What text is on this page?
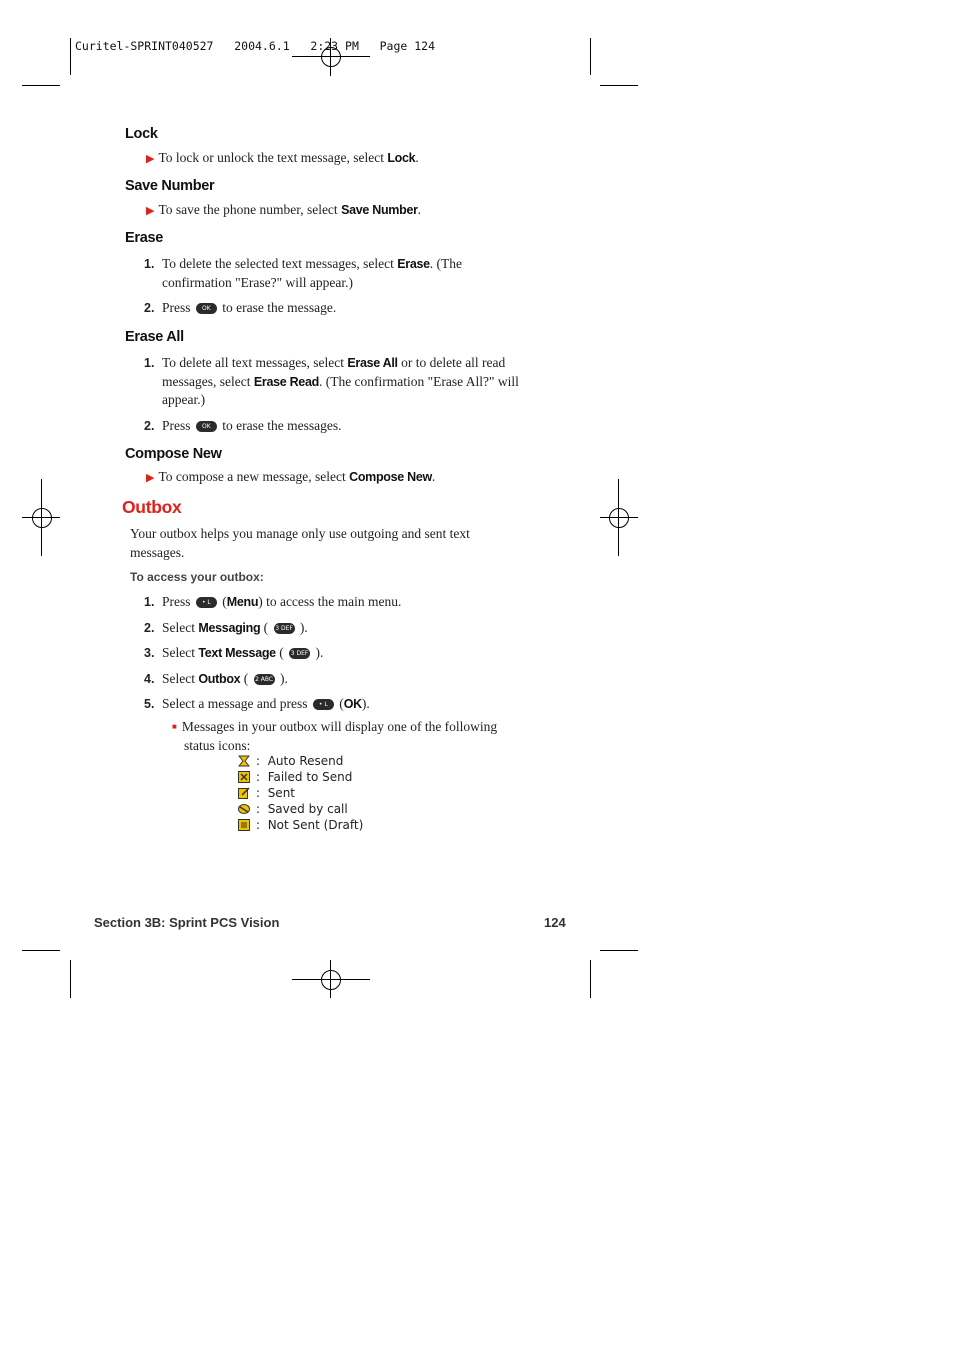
Curitel-SPRINT040527   2004.6.1   2:23 PM   Page 124
Lock
▶ To lock or unlock the text message, select Lock.
Save Number
▶ To save the phone number, select Save Number.
Erase
1. To delete the selected text messages, select Erase. (The
confirmation "Erase?" will appear.)
2. Press OK to erase the message.
Erase All
1. To delete all text messages, select Erase All or to delete all read
messages, select Erase Read. (The confirmation "Erase All?" will
appear.)
2. Press OK to erase the messages.
Compose New
▶ To compose a new message, select Compose New.
Outbox
Your outbox helps you manage only use outgoing and sent text
messages.
To access your outbox:
1. Press • L soft (Menu) to access the main menu.
2. Select Messaging ( 3 DEF ).
3. Select Text Message ( 3 DEF ).
4. Select Outbox ( 2 ABC ).
5. Select a message and press • L soft (OK).
■ Messages in your outbox will display one of the following
status icons:
: Auto Resend
: Failed to Send
: Sent
: Saved by call
: Not Sent (Draft)
Section 3B: Sprint PCS Vision	124
